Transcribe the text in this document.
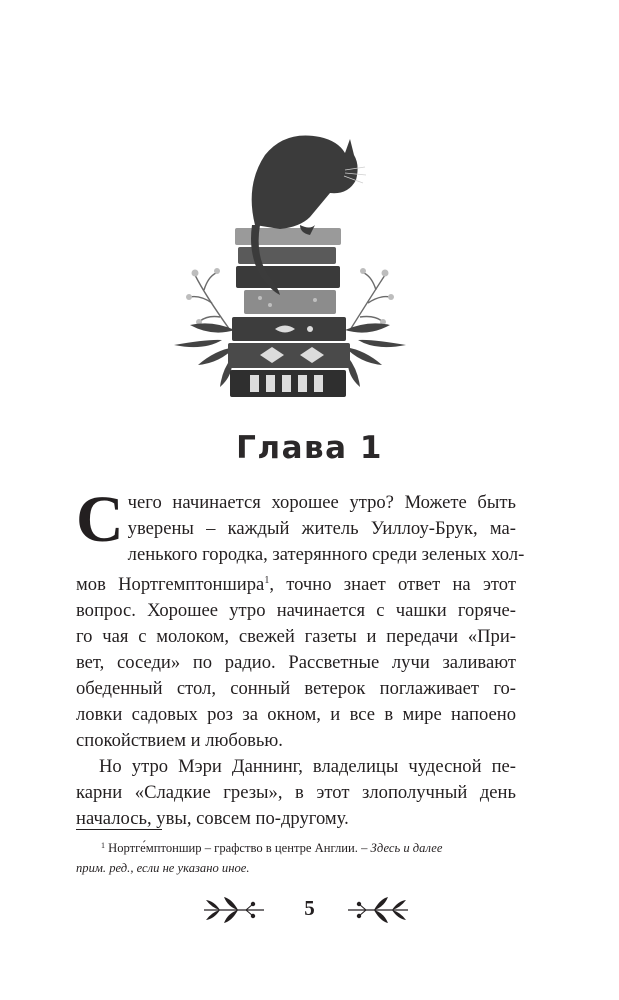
Глава 1

С чего начинается хорошее утро? Можете быть
уверены – каждый житель Уиллоу-Брук, ма-
ленького городка, затерянного среди зеленых хол-
мов Нортгемптоншира$^1$, точно знает ответ на этот
вопрос. Хорошее утро начинается с чашки горяче-
го чая с молоком, свежей газеты и передачи «При-
вет, соседи» по радио. Рассветные лучи заливают
обеденный стол, сонный ветерок поглаживает го-
ловки садовых роз за окном, и все в мире напоено
спокойствием и любовью.

Но утро Мэри Даннинг, владелицы чудесной пе-
карни «Сладкие грезы», в этот злополучный день
началось, увы, совсем по-другому.

$^1$ Нортге́мптоншир – графство в центре Англии. – Здесь и далее
прим. ред., если не указано иное.
5
